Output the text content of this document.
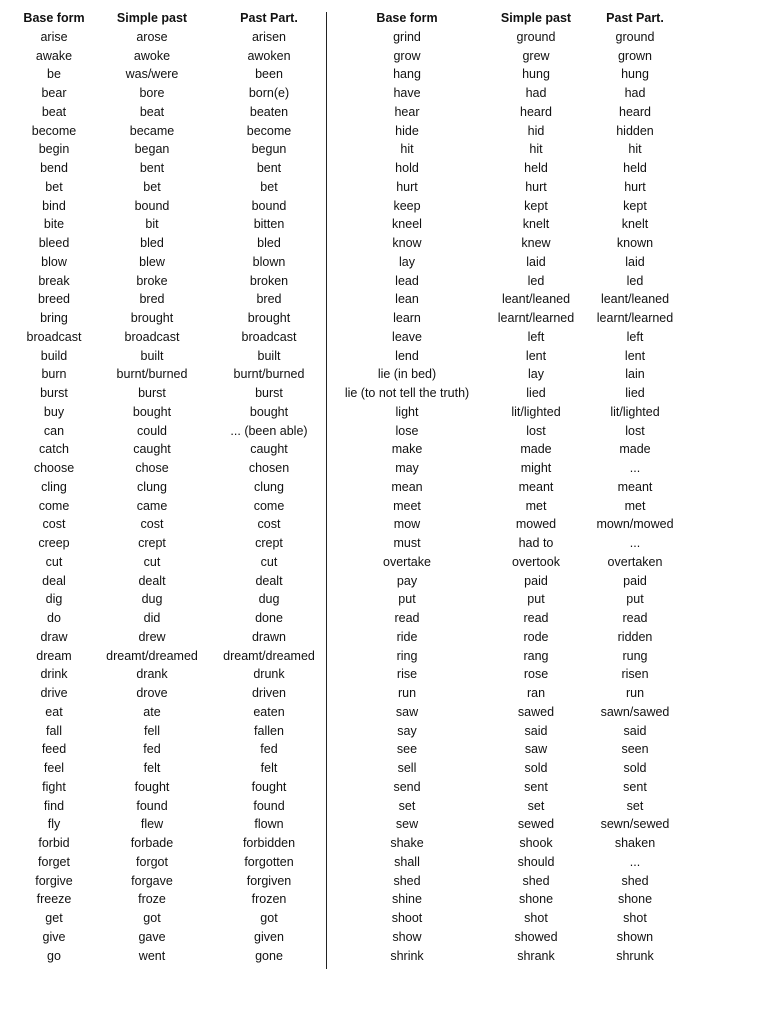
Base form
arise
awake
be
bear
beat
become
begin
bend
bet
bind
bite
bleed
blow
break
breed
bring
broadcast
build
burn
burst
buy
can
catch
choose
cling
come
cost
creep
cut
deal
dig
do
draw
dream
drink
drive
eat
fall
feed
feel
fight
find
fly
forbid
forget
forgive
freeze
get
give
go
Simple past
arose
awoke
was/were
bore
beat
became
began
bent
bet
bound
bit
bled
blew
broke
bred
brought
broadcast
built
burnt/burned
burst
bought
could
caught
chose
clung
came
cost
crept
cut
dealt
dug
did
drew
dreamt/dreamed
drank
drove
ate
fell
fed
felt
fought
found
flew
forbade
forgot
forgave
froze
got
gave
went
Past Part.
arisen
awoken
been
born(e)
beaten
become
begun
bent
bet
bound
bitten
bled
blown
broken
bred
brought
broadcast
built
burnt/burned
burst
bought
... (been able)
caught
chosen
clung
come
cost
crept
cut
dealt
dug
done
drawn
dreamt/dreamed
drunk
driven
eaten
fallen
fed
felt
fought
found
flown
forbidden
forgotten
forgiven
frozen
got
given
gone
Base form
grind
grow
hang
have
hear
hide
hit
hold
hurt
keep
kneel
know
lay
lead
lean
learn
leave
lend
lie (in bed)
lie (to not tell the truth)
light
lose
make
may
mean
meet
mow
must
overtake
pay
put
read
ride
ring
rise
run
saw
say
see
sell
send
set
sew
shake
shall
shed
shine
shoot
show
shrink
Simple past
ground
grew
hung
had
heard
hid
hit
held
hurt
kept
knelt
knew
laid
led
leant/leaned
learnt/learned
left
lent
lay
lied
lit/lighted
lost
made
might
meant
met
mowed
had to
overtook
paid
put
read
rode
rang
rose
ran
sawed
said
saw
sold
sent
set
sewed
shook
should
shed
shone
shot
showed
shrank
Past Part.
ground
grown
hung
had
heard
hidden
hit
held
hurt
kept
knelt
known
laid
led
leant/leaned
learnt/learned
left
lent
lain
lied
lit/lighted
lost
made
...
meant
met
mown/mowed
...
overtaken
paid
put
read
ridden
rung
risen
run
sawn/sawed
said
seen
sold
sent
set
sewn/sewed
shaken
...
shed
shone
shot
shown
shrunk
